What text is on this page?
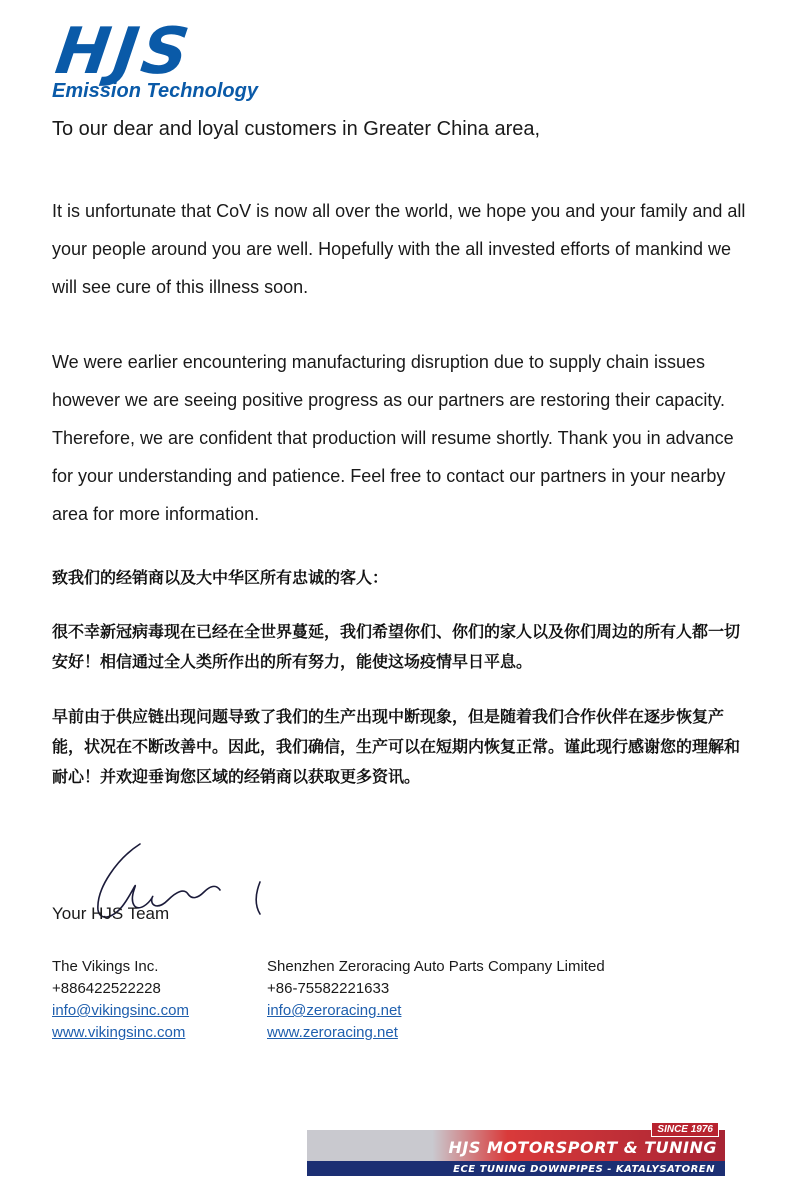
HJS
Emission Technology

To our dear and loyal customers in Greater China area,

It is unfortunate that CoV is now all over the world, we hope you and your family and all your people around you are well. Hopefully with the all invested efforts of mankind we will see cure of this illness soon.

We were earlier encountering manufacturing disruption due to supply chain issues however we are seeing positive progress as our partners are restoring their capacity. Therefore, we are confident that production will resume shortly. Thank you in advance for your understanding and patience. Feel free to contact our partners in your nearby area for more information.

致我们的经销商以及大中华区所有忠诚的客人：

很不幸新冠病毒现在已经在全世界蔓延，我们希望你们、你们的家人以及你们周边的所有人都一切安好！相信通过全人类所作出的所有努力，能使这场疫情早日平息。

早前由于供应链出现问题导致了我们的生产出现中断现象，但是随着我们合作伙伴在逐步恢复产能，状况在不断改善中。因此，我们确信，生产可以在短期内恢复正常。谨此现行感谢您的理解和耐心！并欢迎垂询您区域的经销商以获取更多资讯。

Your HJS Team
The Vikings Inc.
+886422522228
info@vikingsinc.com
www.vikingsinc.com
Shenzhen Zeroracing Auto Parts Company Limited
+86-75582221633
info@zeroracing.net
www.zeroracing.net
SINCE 1976
HJS MOTORSPORT & TUNING
ECE TUNING DOWNPIPES - KATALYSATOREN
